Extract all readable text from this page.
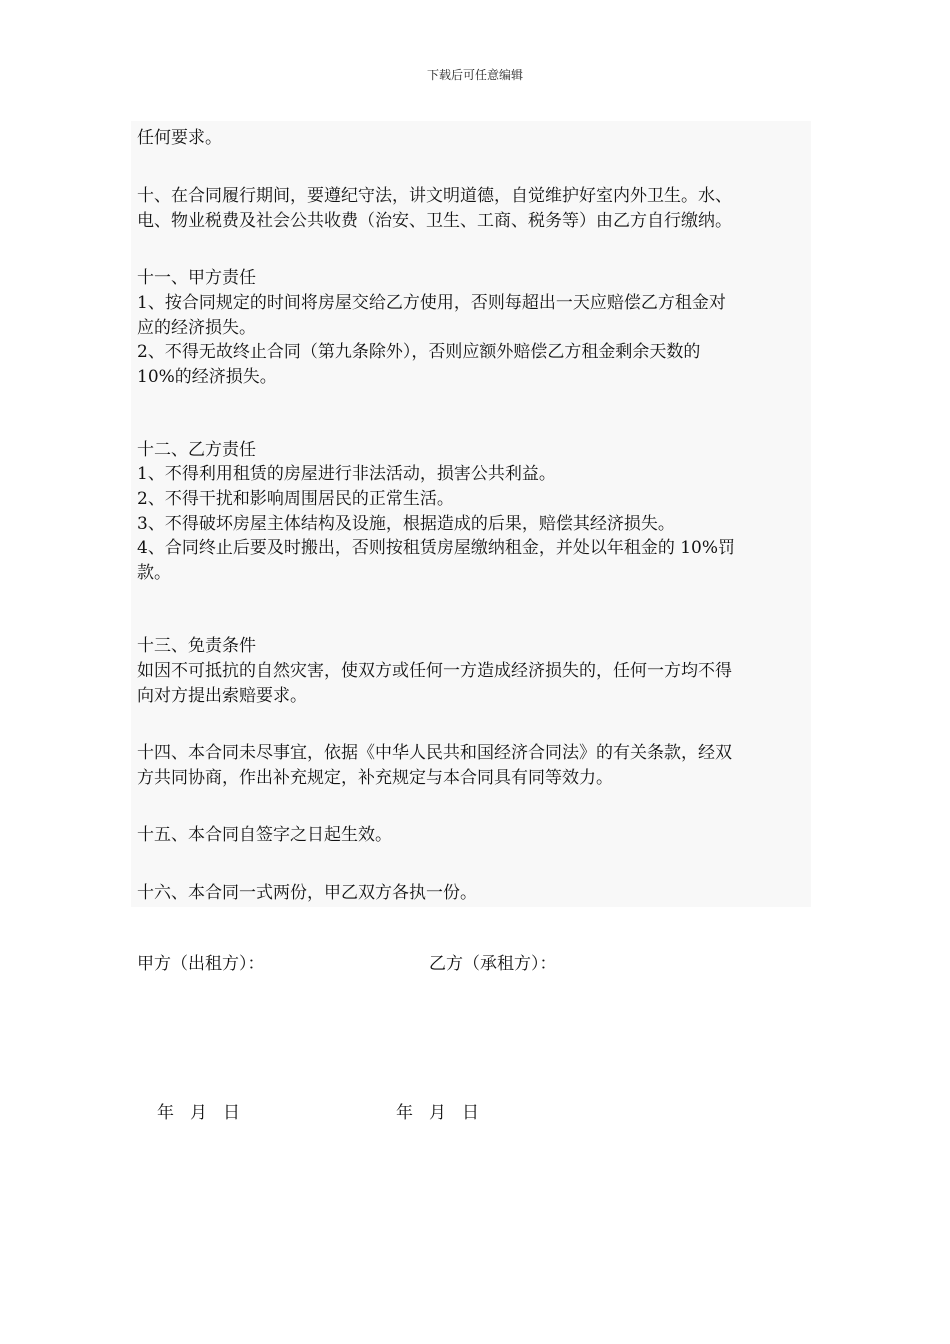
下载后可任意编辑
任何要求。
十、在合同履行期间，要遵纪守法，讲文明道德，自觉维护好室内外卫生。水、
电、物业税费及社会公共收费（治安、卫生、工商、税务等）由乙方自行缴纳。
十一、甲方责任
1、按合同规定的时间将房屋交给乙方使用，否则每超出一天应赔偿乙方租金对
应的经济损失。
2、不得无故终止合同（第九条除外），否则应额外赔偿乙方租金剩余天数的
10%的经济损失。
十二、乙方责任
1、不得利用租赁的房屋进行非法活动，损害公共利益。
2、不得干扰和影响周围居民的正常生活。
3、不得破坏房屋主体结构及设施，根据造成的后果，赔偿其经济损失。
4、合同终止后要及时搬出，否则按租赁房屋缴纳租金，并处以年租金的 10%罚
款。
十三、免责条件
如因不可抵抗的自然灾害，使双方或任何一方造成经济损失的，任何一方均不得
向对方提出索赔要求。
十四、本合同未尽事宜，依据《中华人民共和国经济合同法》的有关条款，经双
方共同协商，作出补充规定，补充规定与本合同具有同等效力。
十五、本合同自签字之日起生效。
十六、本合同一式两份，甲乙双方各执一份。
甲方（出租方）：	乙方（承租方）：
年 月 日	年 月 日
